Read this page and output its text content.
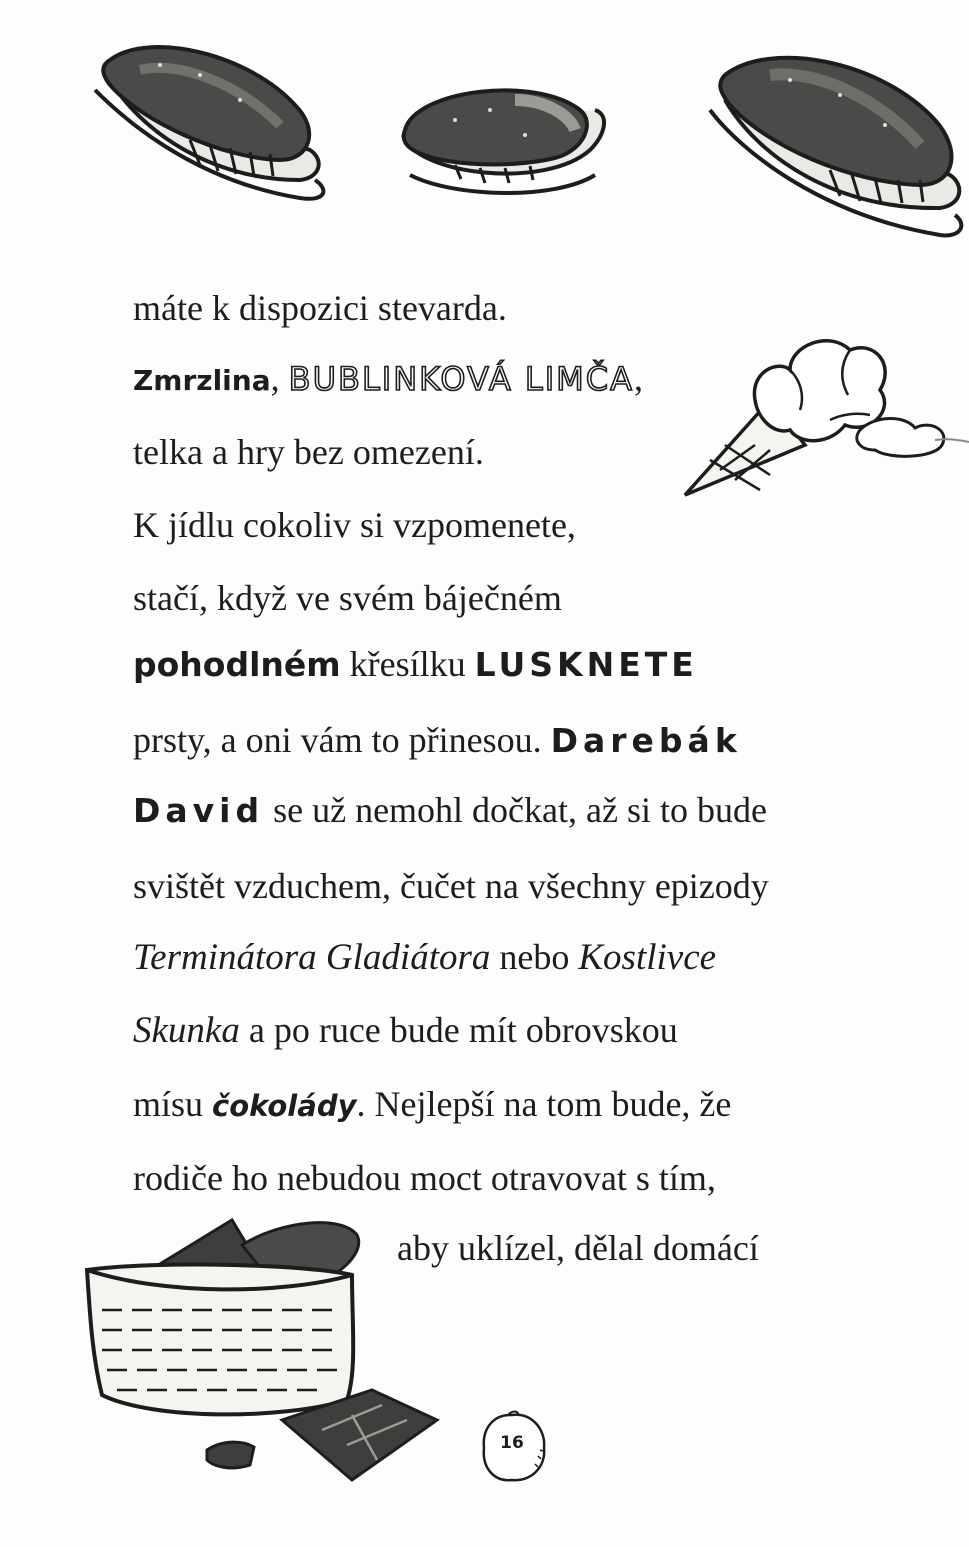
máte k dispozici stevarda.
Zmrzlina, BUBLINKOVÁ LIMČA,
telka a hry bez omezení.
K jídlu cokoliv si vzpomenete,
stačí, když ve svém báječném
pohodlném křesílku LUSKNETE
prsty, a oni vám to přinesou. Darebák
David se už nemohl dočkat, až si to bude
svištět vzduchem, čučet na všechny epizody
Terminátora Gladiátora nebo Kostlivce
Skunka a po ruce bude mít obrovskou
mísu čokolády. Nejlepší na tom bude, že
rodiče ho nebudou moct otravovat s tím,
aby uklízel, dělal domácí
16
